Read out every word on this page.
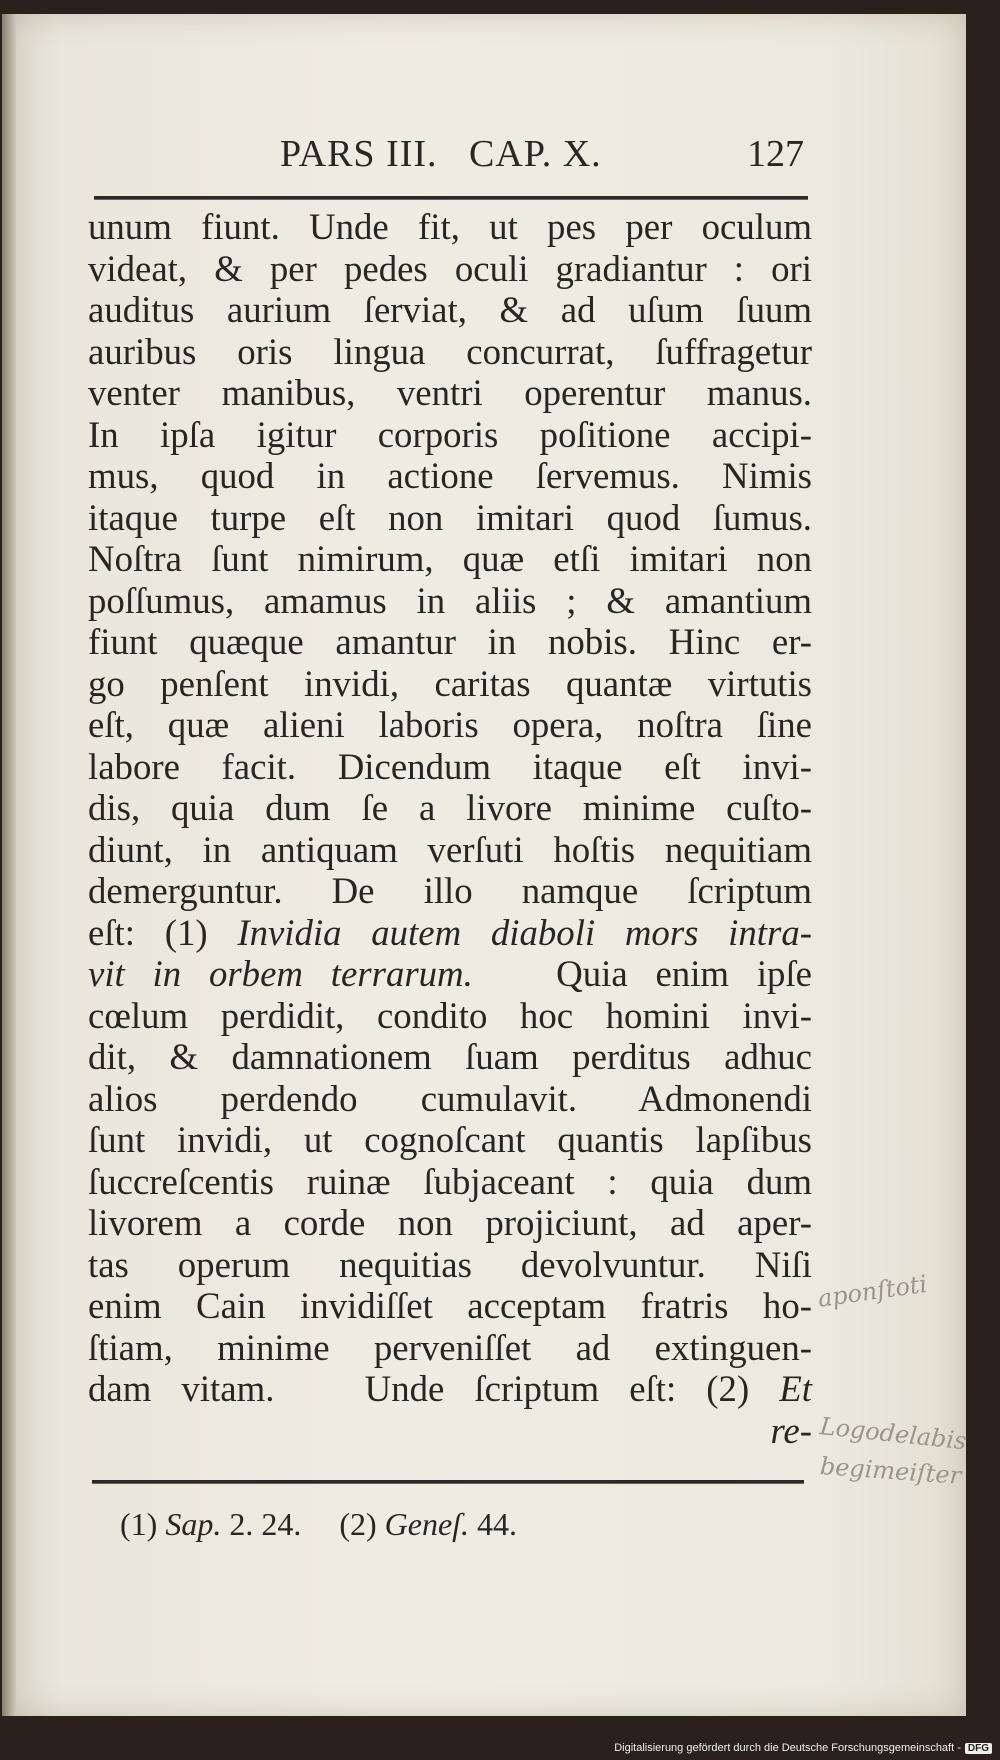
PARS III.   CAP. X.	127
unum fiunt. Unde fit, ut pes per oculum
videat, & per pedes oculi gradiantur : ori
auditus aurium ſerviat, & ad uſum ſuum
auribus oris lingua concurrat, ſuffragetur
venter manibus, ventri operentur manus.
In ipſa igitur corporis poſitione accipi-
mus, quod in actione ſervemus. Nimis
itaque turpe eſt non imitari quod ſumus.
Noſtra ſunt nimirum, quæ etſi imitari non
poſſumus, amamus in aliis ; & amantium
fiunt quæque amantur in nobis. Hinc er-
go penſent invidi, caritas quantæ virtutis
eſt, quæ alieni laboris opera, noſtra ſine
labore facit. Dicendum itaque eſt invi-
dis, quia dum ſe a livore minime cuſto-
diunt, in antiquam verſuti hoſtis nequitiam
demerguntur. De illo namque ſcriptum
eſt: (1) Invidia autem diaboli mors intra-
vit in orbem terrarum.   Quia enim ipſe
cœlum perdidit, condito hoc homini invi-
dit, & damnationem ſuam perditus adhuc
alios perdendo cumulavit. Admonendi
ſunt invidi, ut cognoſcant quantis lapſibus
ſuccreſcentis ruinæ ſubjaceant : quia dum
livorem a corde non projiciunt, ad aper-
tas operum nequitias devolvuntur. Niſi
enim Cain invidiſſet acceptam fratris ho-
ſtiam, minime perveniſſet ad extinguen-
dam vitam.   Unde ſcriptum eſt: (2) Et
re-
(1) Sap. 2. 24. (2) Geneſ. 44.
aponſtoti
Logodelabis
begimeiſter
Digitalisierung gefördert durch die Deutsche Forschungsgemeinschaft - DFG
